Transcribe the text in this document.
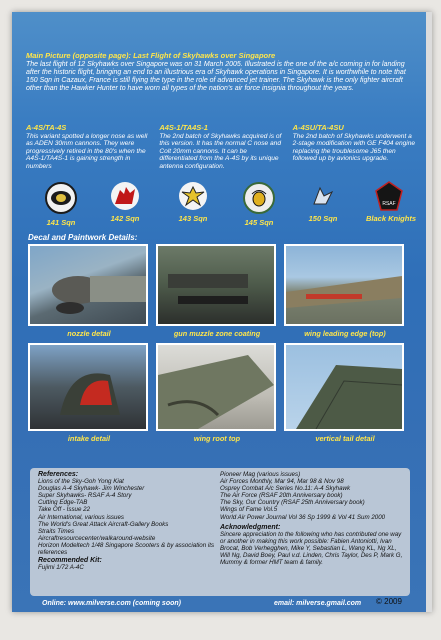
Main Picture (opposite page): Last Flight of Skyhawks over Singapore
The last flight of 12 Skyhawks over Singapore was on 31 March 2005. Illustrated is the one of the a/c coming in for landing after the historic flight, bringing an end to an illustrious era of Skyhawk operations in Singapore. It is worthwhile to note that 150 Sqn in Cazaux, France is still flying the type in the role of advanced jet trainer. The Skyhawk is the only fighter aircraft other than the Hawker Hunter to have worn all types of the nation's air force insignia throughout the years.
A-4S/TA-4S
This variant spotted a longer nose as well as ADEN 30mm cannons. They were progressively retired in the 80's when the A4S-1/TA4S-1 is gaining strength in numbers
A4S-1/TA4S-1
The 2nd batch of Skyhawks acquired is of this version. It has the normal C nose and Colt 20mm cannons. It can be differentiated from the A-4S by its unique antenna configuration.
A-4SU/TA-4SU
The 2nd batch of Skyhawks underwent a 2-stage modification with GE F404 engine replacing the troublesome J65 then followed up by avionics upgrade.
141 Sqn	142 Sqn	143 Sqn	145 Sqn	150 Sqn
RSAF
Black Knights
Decal and Paintwork Details:
nozzle detail	gun muzzle zone coating	wing leading edge (top)
intake detail	wing root top	vertical tail detail
References:
Lions of the Sky-Goh Yong Kiat
Douglas A-4 Skyhawk- Jim Winchester
Super Skyhawks- RSAF A-4 Story
Cutting Edge-TAB
Take Off - Issue 22
Air International, various issues
The World's Great Attack Aircraft-Gallery Books
Straits Times
Aircraftresourcecenter/walkaround-website
Horizon Modeltech 1/48 Singapore Scooters & by association its references
Recommended Kit:
Fujimi 1/72 A-4C
Pioneer Mag (various issues)
Air Forces Monthly, Mar 94, Mar 98 & Nov 98
Osprey Combat A/c Series No.11: A-4 Skyhawk
The Air Force (RSAF 20th Anniversary book)
The Sky, Our Country (RSAF 25th Anniversary book)
Wings of Fame Vol.5
World Air Power Journal Vol 36 Sp 1999 & Vol 41 Sum 2000
Acknowledgment:
Sincere appreciation to the following who has contributed one way or another in making this work possible: Fabien Antoniotti, Ivan Brocat, Bob Verhegghen, Mike Y, Sebastian L, Wang KL, Ng XL, Will Ng, David Boey, Paul v.d. Linden, Chris Taylor, Des P, Mark G, Mummy & former HMT team & family.
Online: www.milverse.com (coming soon)	email: milverse.gmail.com © 2009
